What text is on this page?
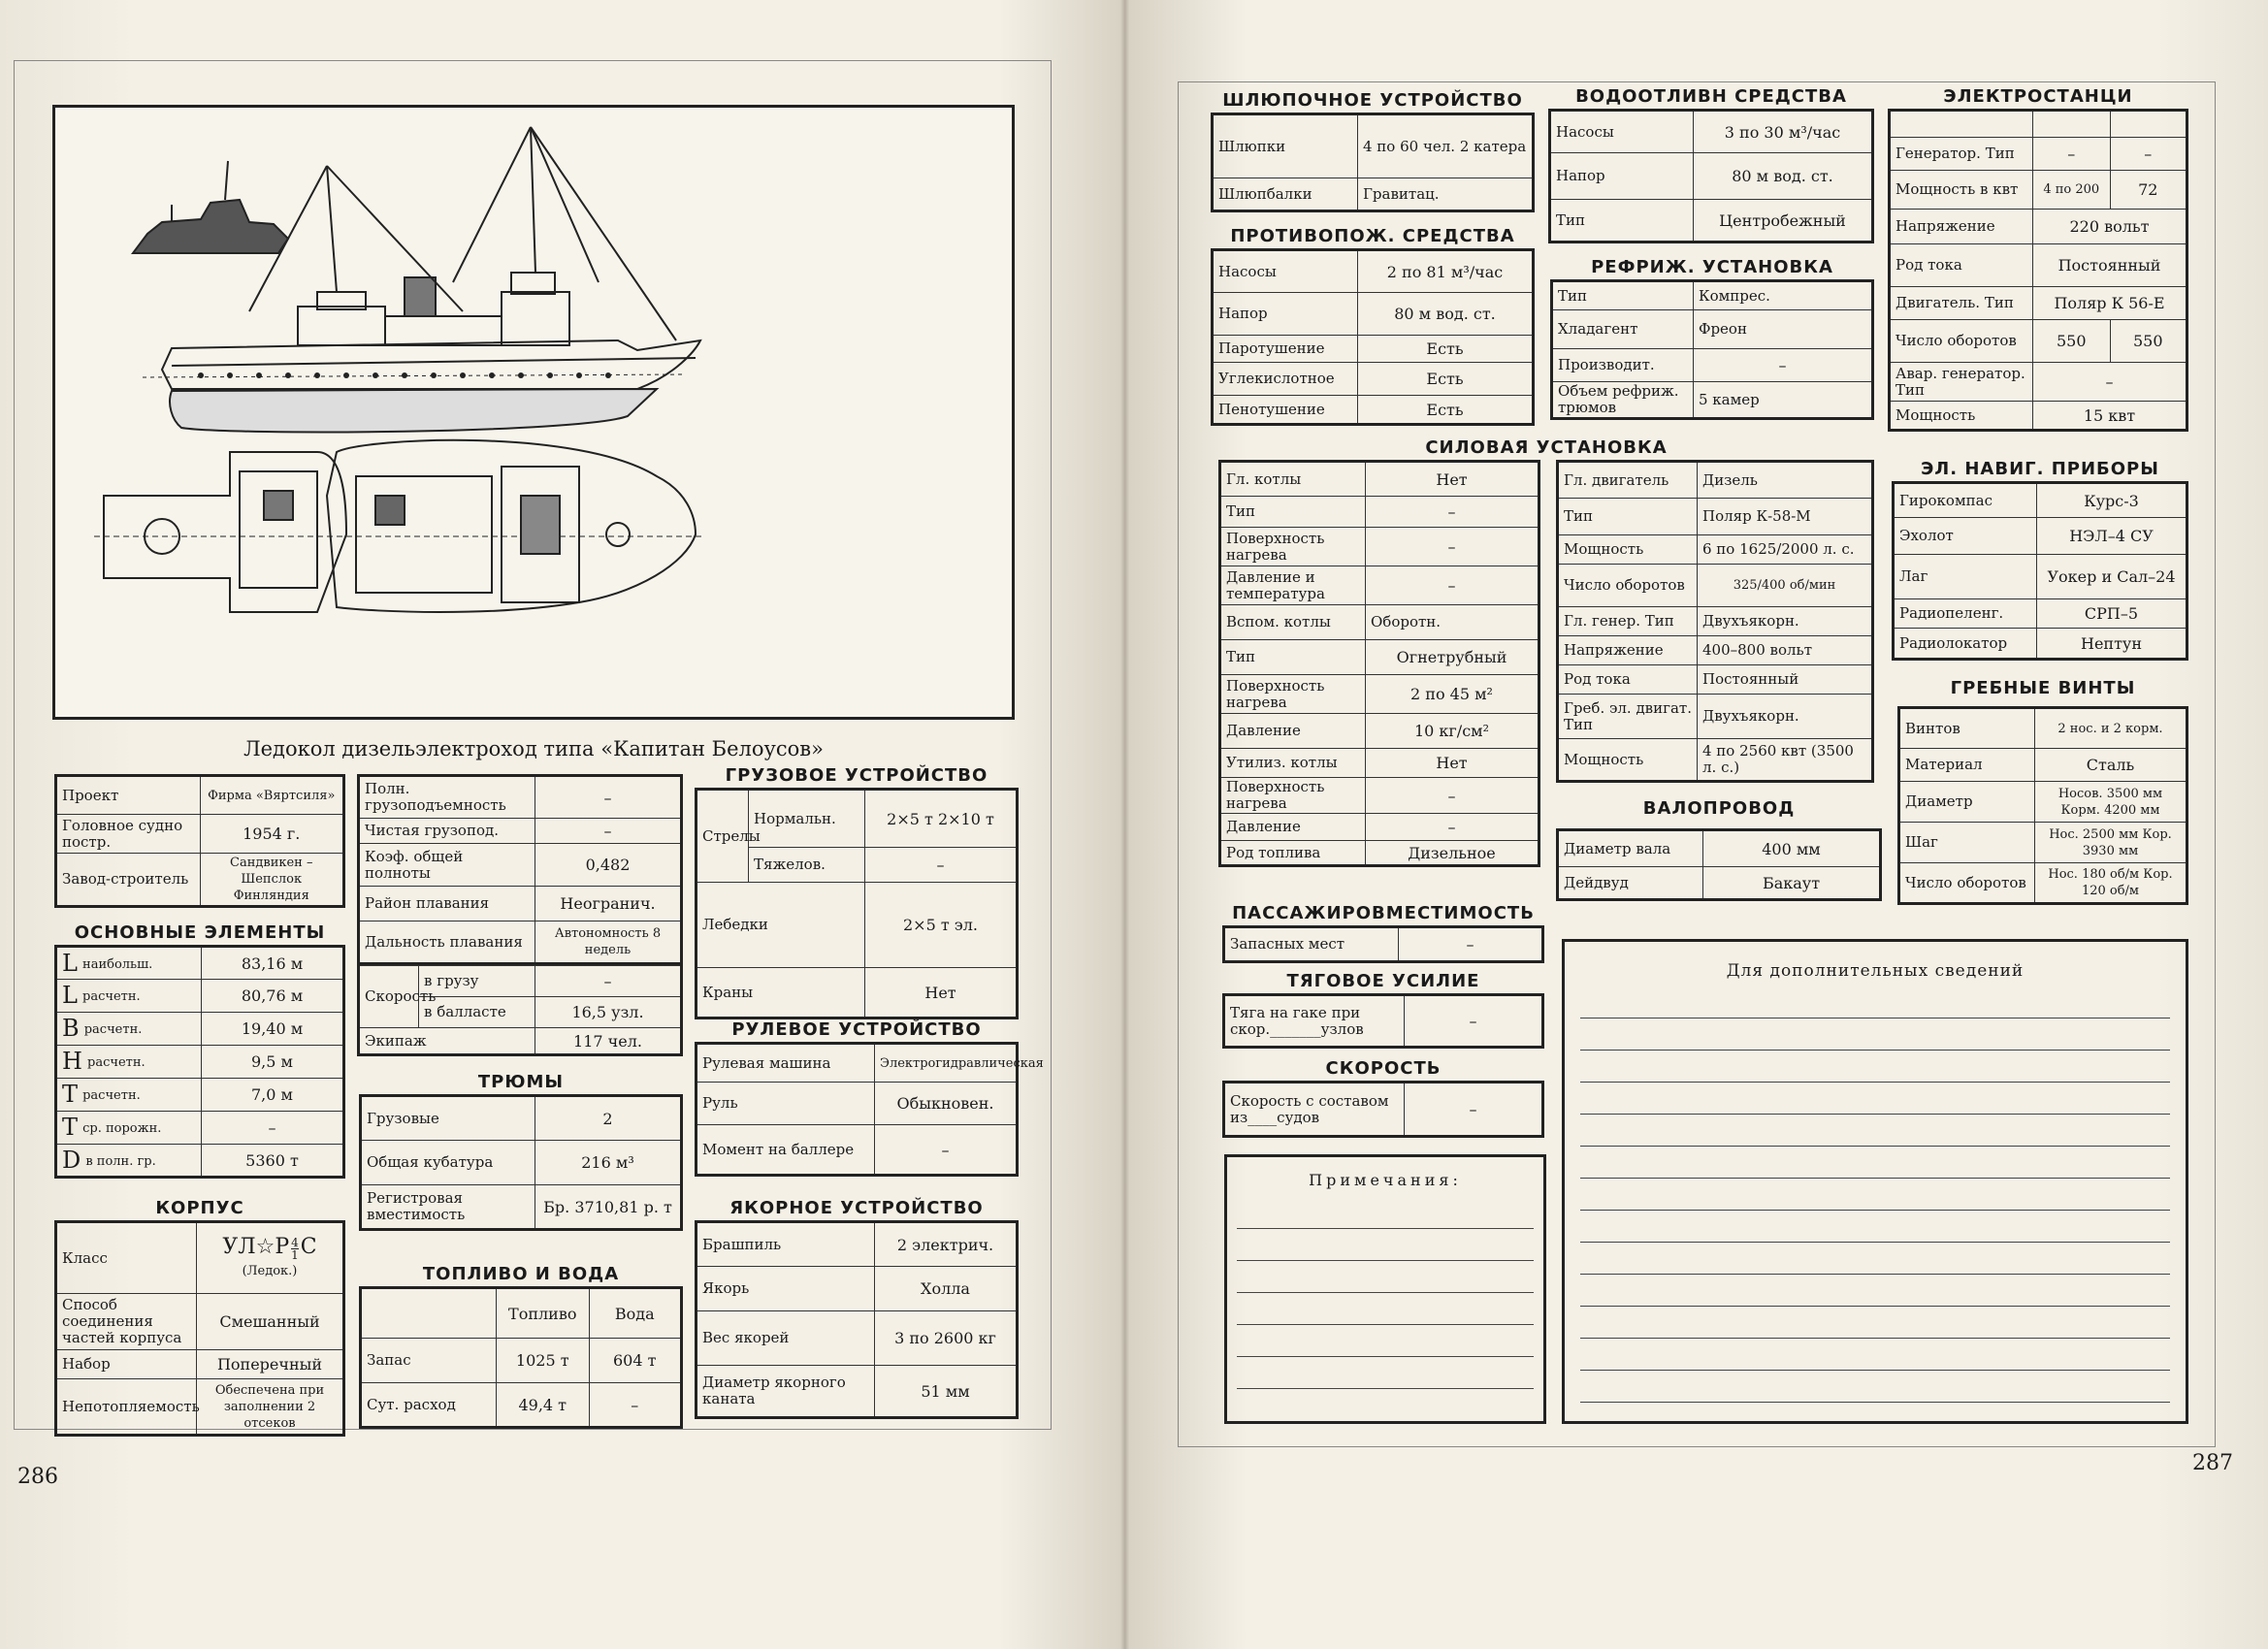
Ледокол дизельэлектроход типа «Капитан Белоусов»
Проект	Фирма «Вяртсиля»
Головное судно постр.	1954 г.
Завод-строитель	Сандвикен – Шепслок Финляндия
ОСНОВНЫЕ ЭЛЕМЕНТЫ
L наибольш.	83,16 м
L расчетн.	80,76 м
B расчетн.	19,40 м
H расчетн.	9,5 м
T расчетн.	7,0 м
T ср. порожн.	–
D в полн. гр.	5360 т
КОРПУС
Класс	УЛ☆Р $\frac{4}{1}$ С
(Ледок.)
Способ соединения частей корпуса	Смешанный
Набор	Поперечный
Непотопляемость	Обеспечена при заполнении 2 отсеков
Полн. грузоподъемность	–
Чистая грузопод.	–
Коэф. общей полноты	0,482
Район плавания	Неогранич.
Дальность плавания	Автономность 8 недель
Скорость	в грузу	–
	в балласте	16,5 узл.
Экипаж		117 чел.
ТРЮМЫ
Грузовые	2
Общая кубатура	216 м³
Регистровая вместимость	Бр. 3710,81 р. т
ТОПЛИВО И ВОДА
	Топливо	Вода
Запас	1025 т	604 т
Сут. расход	49,4 т	–
ГРУЗОВОЕ УСТРОЙСТВО
Стрелы	Нормальн.	2×5 т 2×10 т
	Тяжелов.	–
Лебедки		2×5 т эл.
Краны		Нет
РУЛЕВОЕ УСТРОЙСТВО
Рулевая машина	Электрогидравлическая
Руль	Обыкновен.
Момент на баллере	–
ЯКОРНОЕ УСТРОЙСТВО
Брашпиль	2 электрич.
Якорь	Холла
Вес якорей	3 по 2600 кг
Диаметр якорного каната	51 мм
286
ШЛЮПОЧНОЕ УСТРОЙСТВО
Шлюпки	4 по 60 чел. 2 катера
Шлюпбалки	Гравитац.
ПРОТИВОПОЖ. СРЕДСТВА
Насосы	2 по 81 м³/час
Напор	80 м вод. ст.
Паротушение	Есть
Углекислотное	Есть
Пенотушение	Есть
ВОДООТЛИВН СРЕДСТВА
Насосы	3 по 30 м³/час
Напор	80 м вод. ст.
Тип	Центробежный
РЕФРИЖ. УСТАНОВКА
Тип	Компрес.
Хладагент	Фреон
Производит.	–
Объем рефриж. трюмов	5 камер
ЭЛЕКТРОСТАНЦИ

Генератор. Тип	–	–
Мощность в квт	4 по 200	72
Напряжение	220 вольт	
Род тока	Постоянный	
Двигатель. Тип	Поляр К 56-Е	
Число оборотов	550	550
Авар. генератор. Тип	–	
Мощность	15 квт	
СИЛОВАЯ УСТАНОВКА
Гл. котлы	Нет
Тип	–
Поверхность нагрева	–
Давление и температура	–
Вспом. котлы	Оборотн.
Тип	Огнетрубный
Поверхность нагрева	2 по 45 м²
Давление	10 кг/см²
Утилиз. котлы	Нет
Поверхность нагрева	–
Давление	–
Род топлива	Дизельное
Гл. двигатель	Дизель
Тип	Поляр К-58-М
Мощность	6 по 1625/2000 л. с.
Число оборотов	325/400 об/мин
Гл. генер. Тип	Двухъякорн.
Напряжение	400–800 вольт
Род тока	Постоянный
Греб. эл. двигат. Тип	Двухъякорн.
Мощность	4 по 2560 квт (3500 л. с.)
ВАЛОПРОВОД
Диаметр вала	400 мм
Дейдвуд	Бакаут
ЭЛ. НАВИГ. ПРИБОРЫ
Гирокомпас	Курс-3
Эхолот	НЭЛ–4 СУ
Лаг	Уокер и Сал–24
Радиопеленг.	СРП–5
Радиолокатор	Нептун
ГРЕБНЫЕ ВИНТЫ
Винтов	2 нос. и 2 корм.
Материал	Сталь
Диаметр	Носов. 3500 мм Корм. 4200 мм
Шаг	Нос. 2500 мм Кор. 3930 мм
Число оборотов	Нос. 180 об/м Кор. 120 об/м
ПАССАЖИРОВМЕСТИМОСТЬ
Запасных мест	–
ТЯГОВОЕ УСИЛИЕ
Тяга на гаке при скор._______узлов	–
СКОРОСТЬ
Скорость с составом из____судов	–
Примечания:
Для дополнительных сведений
287
